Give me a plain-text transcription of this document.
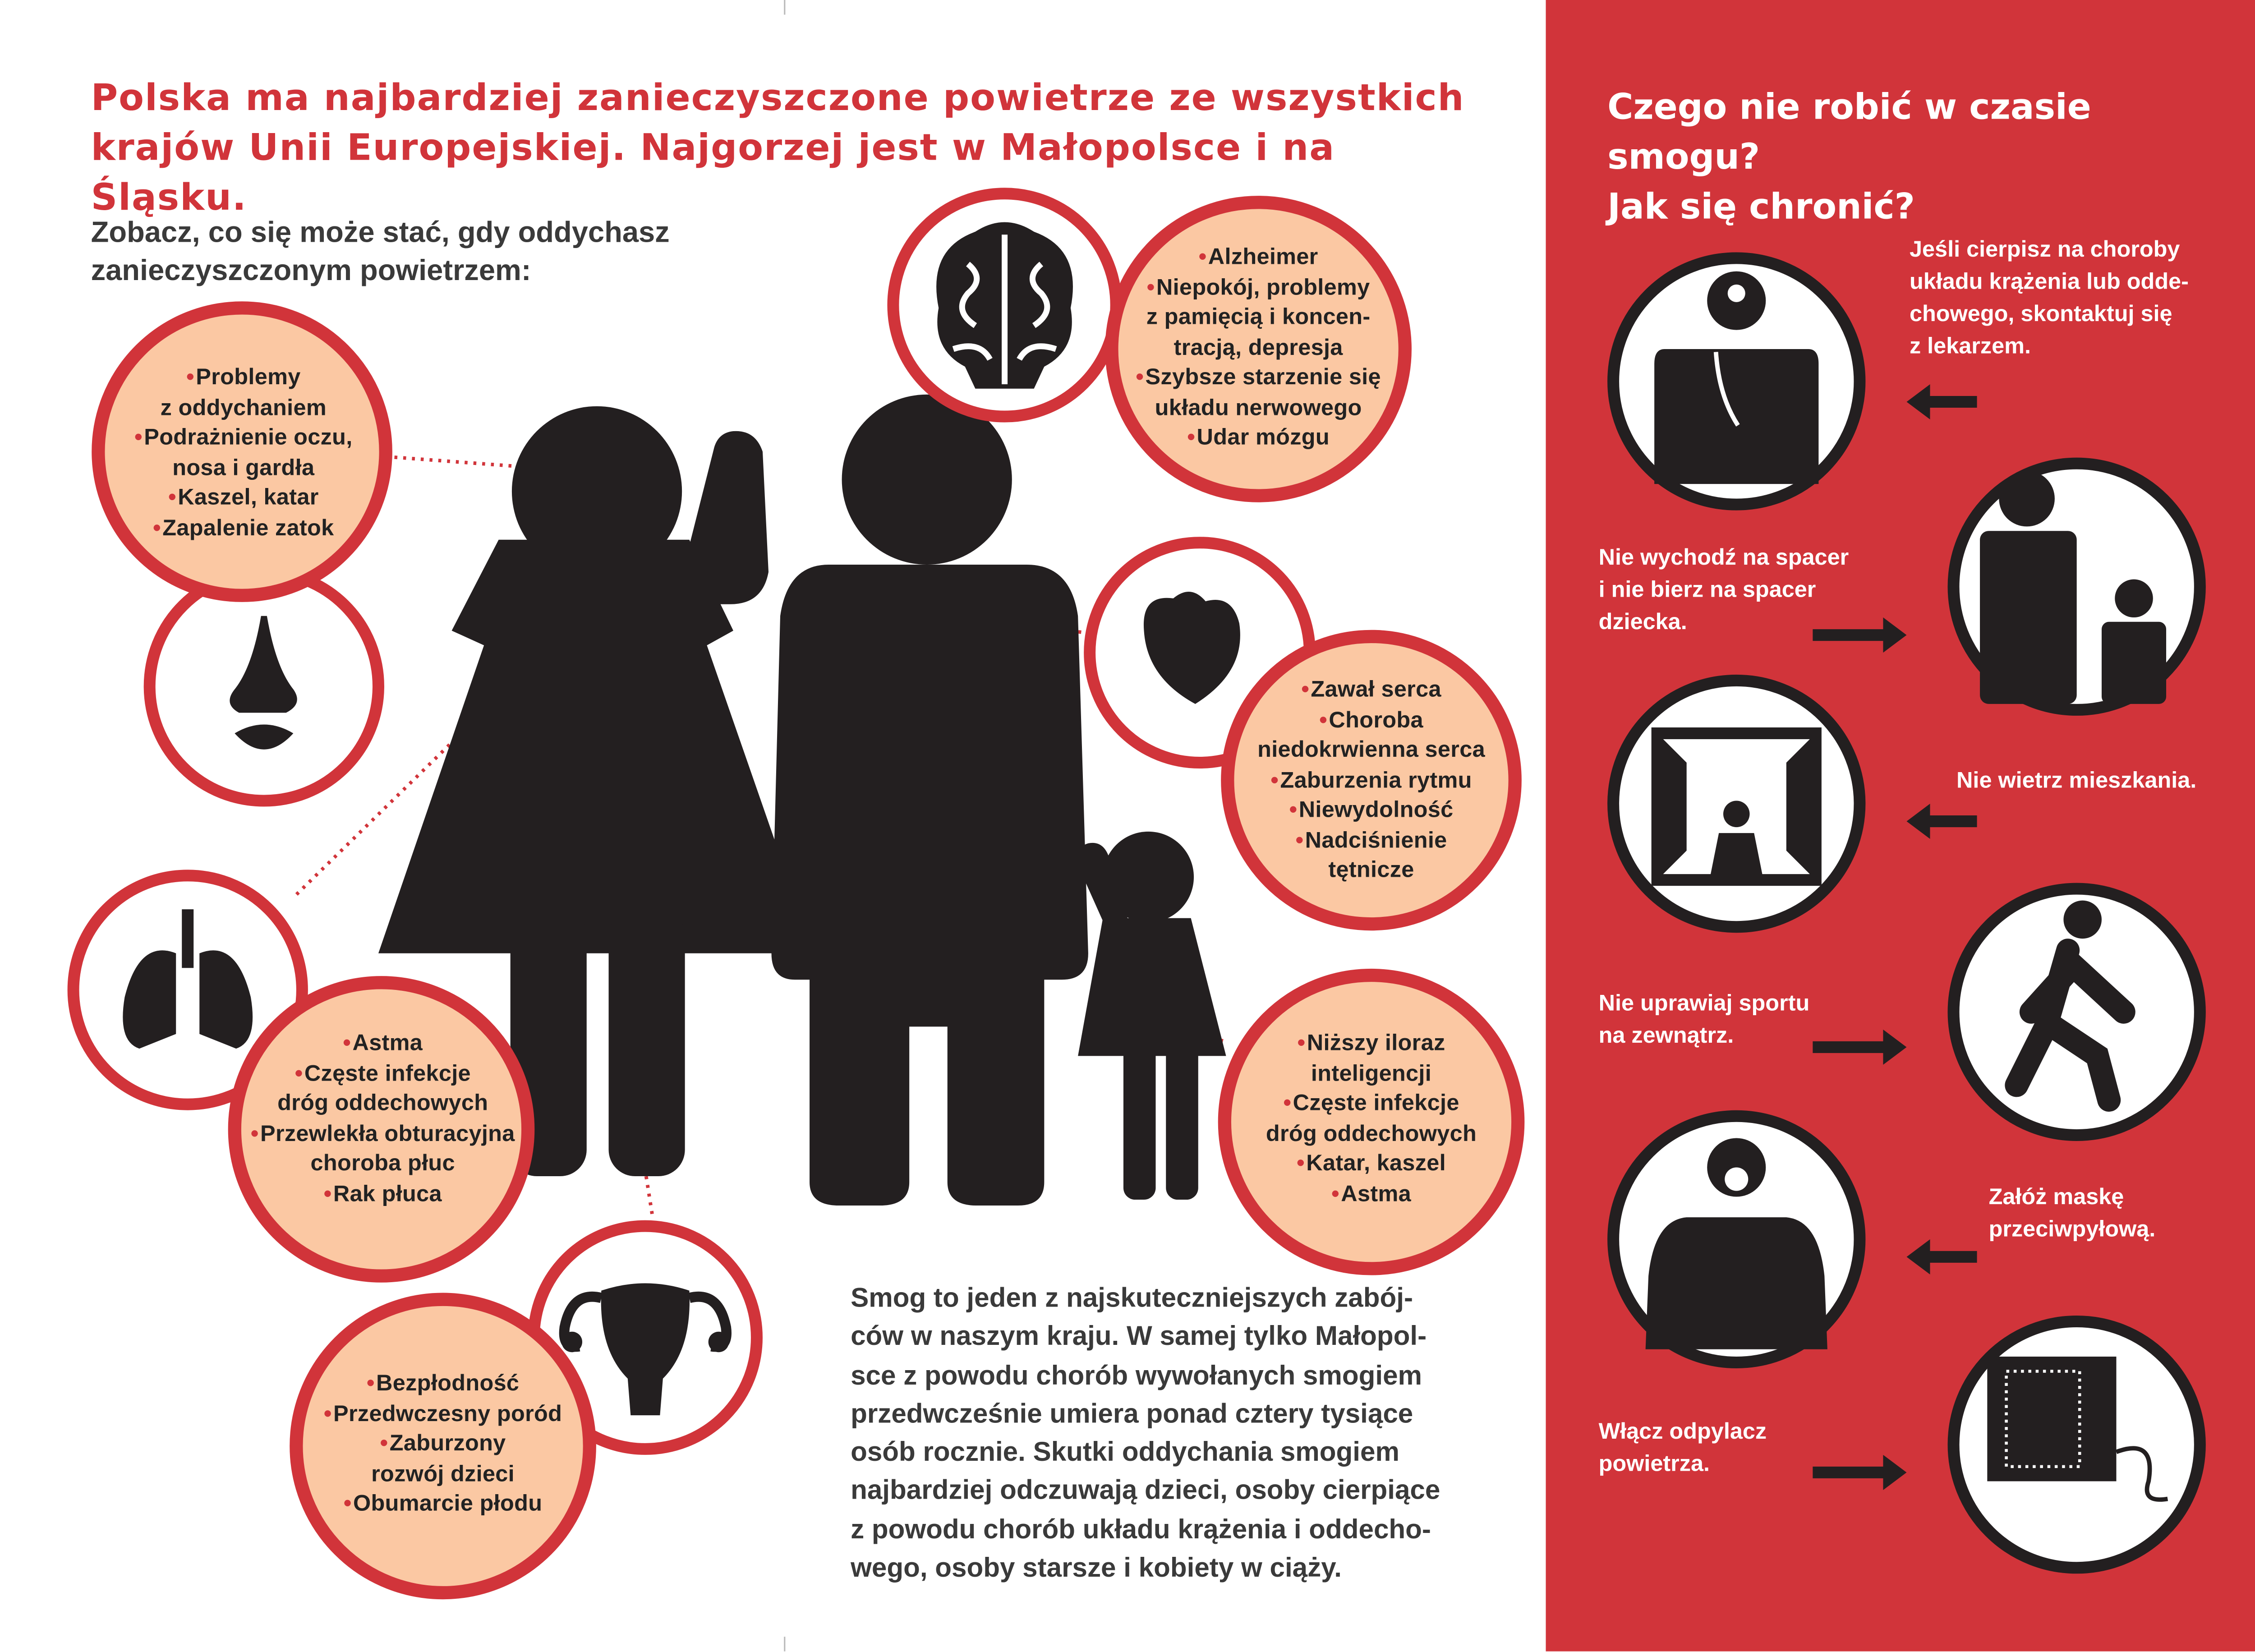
Polska ma najbardziej zanieczyszczone powietrze ze wszystkich
krajów Unii Europejskiej. Najgorzej jest w Małopolsce i na Śląsku.
Zobacz, co się może stać, gdy oddychasz
zanieczyszczonym powietrzem:
• Problemy
z oddychaniem
• Podrażnienie oczu,
nosa i gardła
• Kaszel, katar
• Zapalenie zatok
• Alzheimer
• Niepokój, problemy
z pamięcią i koncen-
tracją, depresja
• Szybsze starzenie się
układu nerwowego
• Udar mózgu
• Zawał serca
• Choroba
niedokrwienna serca
• Zaburzenia rytmu
• Niewydolność
• Nadciśnienie
tętnicze
• Astma
• Częste infekcje
dróg oddechowych
• Przewlekła obturacyjna
choroba płuc
• Rak płuca
• Niższy iloraz
inteligencji
• Częste infekcje
dróg oddechowych
• Katar, kaszel
• Astma
• Bezpłodność
• Przedwczesny poród
• Zaburzony
rozwój dzieci
• Obumarcie płodu
Smog to jeden z najskuteczniejszych zabój-
ców w naszym kraju. W samej tylko Małopol-
sce z powodu chorób wywołanych smogiem
przedwcześnie umiera ponad cztery tysiące
osób rocznie. Skutki oddychania smogiem
najbardziej odczuwają dzieci, osoby cierpiące
z powodu chorób układu krążenia i oddecho-
wego, osoby starsze i kobiety w ciąży.
Czego nie robić w czasie smogu?
Jak się chronić?
Jeśli cierpisz na choroby
układu krążenia lub odde-
chowego, skontaktuj się
z lekarzem.
Nie wychodź na spacer
i nie bierz na spacer
dziecka.
Nie wietrz mieszkania.
Nie uprawiaj sportu
na zewnątrz.
Załóż maskę
przeciwpyłową.
Włącz odpylacz
powietrza.
